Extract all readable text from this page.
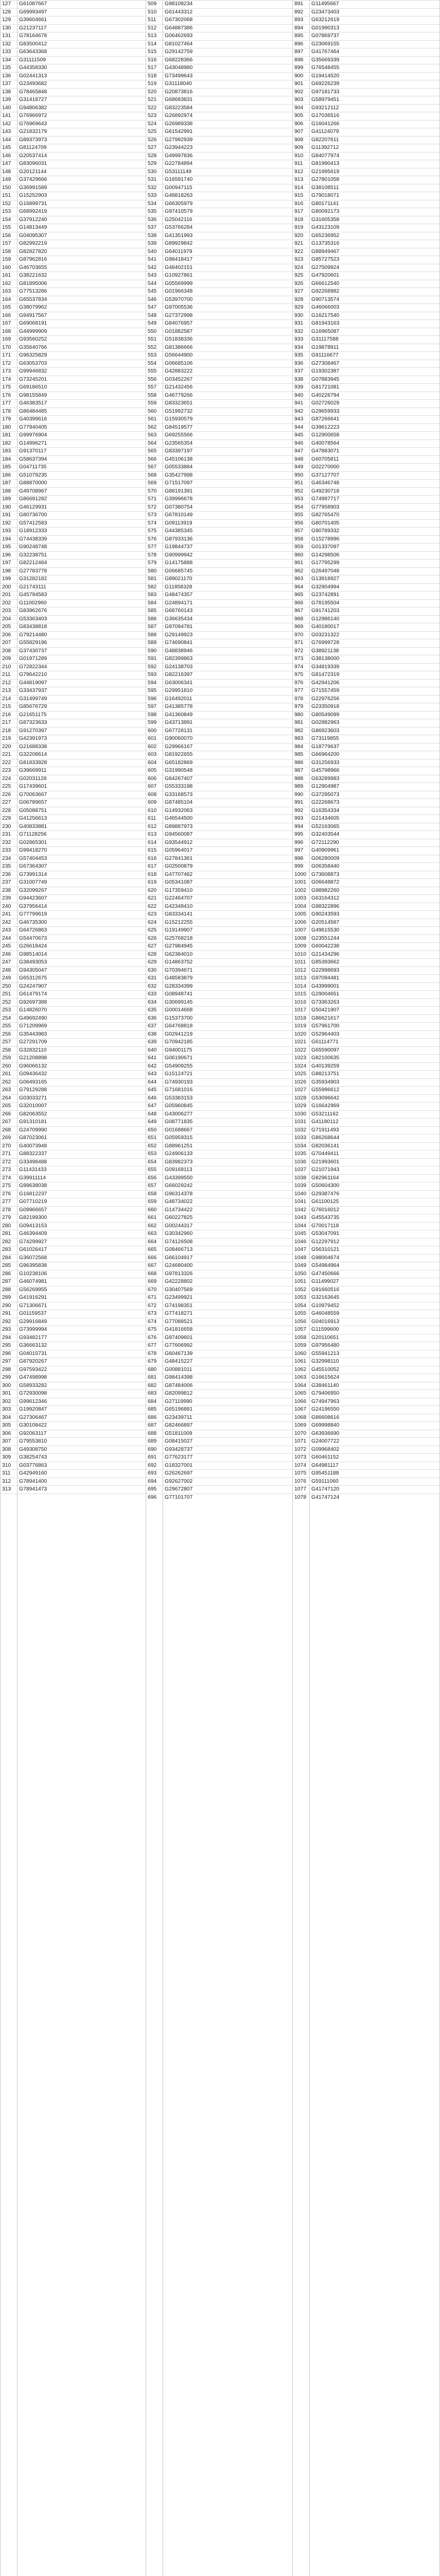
127 G61087667	509 G98108234	891 G11495667
128 G69993497	510 G61443312	892 G23473403
129 G39604661	511 G67302068	893 G63212619
130 G21237117	512 G64887386	894 G01990313
131 G78164678	513 G06462693	895 G07869737
132 G83500412	514 G81027464	896 G23069155
133 G63643368	515 G29142759	897 G41767464
134 G31111509	516 G68228366	898 G35669339
135 G44358330	517 G43048980	899 G76548455
136 G02441313	518 G73499643	900 G19414520
137 G23493682	519 G31118040	901 G69226239
138 G78465848	520 G20873816	902 G97181733
139 G31418727	521 G68683831	903 G58979451
140 G94806382	522 G83223584	904 G93212112
141 G76966972	523 G26892974	905 G17036516
142 G76969643	524 G26989338	906 G16041266
143 G21832179	525 G61542991	907 G41124079
144 G89373973	526 G27992939	908 G82207611
145 G81124709	527 G23944223	909 G11392712
146 G20537414	528 G49997836	910 G84077974
147 G83096031	529 G22784894	911 G81990413
148 G20121144	530 G53111149	912 G21995619
149 G37429666	531 G16591740	913 G27801058
150 G36991589	532 G00947115	914 G38108511
151 G15252903	533 G48818263	915 G79018071
152 G16899731	534 G66305979	916 G80171141
153 G68992419	535 G97410579	917 G80092173
154 G37912240	536 G25042116	918 G31605358
155 G14813449	537 G53766284	919 G43123109
156 G04095307	538 G41351993	920 G65236952
157 G82992219	539 G89929842	921 G13735316
158 G82827820	540 G64011979	922 G88949467
159 G87962816	541 G98418417	923 G85727523
160 G46703655	542 G48402151	924 G27509924
161 G38221632	543 G10927861	925 G47920601
162 G81895006	544 G05569999	926 G66612540
163 G77513286	545 G01966348	927 G92268982
164 G65537834	546 G53970700	928 G90713574
165 G38079962	547 G97005536	929 G46066003
166 G94917567	548 G27372998	930 G16217540
167 G69068191	549 G84076957	931 G81943163
168 G44999909	550 G01882587	932 G16965087
169 G93560252	551 G51838336	933 G31117588
170 G35640766	552 G81386666	934 G19878911
171 G96325829	553 G56644900	935 G91116677
172 G63053703	554 G06685106	936 G27308467
173 G99946832	555 G42883222	937 G19302387
174 G73245201	556 G03452267	938 G07883945
175 G69186510	557 G21432456	939 G81721081
176 G98155849	558 G46779266	940 G40226794
177 G46383517	559 G83323651	941 G02726029
178 G86484485	560 G51992732	942 G29659933
179 G40399616	561 G15930579	943 G87266641
180 G77940405	562 G84519577	944 G39612223
181 G99976904	563 G69255566	945 G12900658
182 G14996271	564 G23565354	946 G40078564
183 G91370117	565 G83397197	947 G47883071
184 G58637394	566 G45106138	948 G60705811
185 G04711735	567 G05533884	949 G02270000
186 G51079235	568 G35427998	950 G37127707
187 G88870000	569 G71517097	951 G46346748
188 G49708967	570 G88191391	952 G49230718
189 G86691282	571 G39996678	953 G74997717
190 G46129931	572 G07380754	954 G77958903
191 G80736700	573 G67810149	955 G82765470
192 G57412583	574 G09113919	956 G80701405
193 G18912333	575 G44385345	957 G90789332
194 G74438339	576 G87933136	958 G15278996
195 G90248748	577 G19844737	959 G01337097
196 G32238751	578 G90999942	960 G14298506
197 G82212464	579 G14175888	961 G17795299
198 G27783778	580 G06685745	962 G26497048
199 G31282182	581 G89021170	963 G13918927
200 G21743111	582 G11858328	964 G32904994
201 G45794583	583 G48474357	965 G23742891
202 G11002960	584 G24894171	966 G78195504
203 G83962676	585 G68760143	967 G91741203
204 G53363403	586 G36635434	968 G12986140
205 G83438818	587 G97094781	969 G40180017
206 G79214480	588 G29149923	970 G03231322
207 G55829196	589 G74690841	971 G76999728
208 G37430737	590 G48838946	972 G38921138
209 G01971289	591 G82399863	973 G38138000
210 G72822344	592 G24138703	974 G34819339
211 G79642210	593 G82216397	975 G81472319
212 G44819097	594 G63006341	976 G42941206
213 G33437937	595 G29951810	977 G71557459
214 G31499749	596 G16492011	978 G22976256
215 G85676729	597 G41385778	979 G23350918
216 G21651175	598 G41360849	980 G80549099
217 G87323633	599 G43713891	981 G02882963
218 G91270397	600 G67728131	982 G86923603
219 G42391973	601 G90060070	983 G73119855
220 G21688338	602 G29966167	984 G18779637
221 G32208614	603 G81922655	985 G66964200
222 G81833928	604 G65182869	986 G31256933
223 G39669911	605 G31990548	987 G45798966
224 G02031128	606 G64267407	988 G63289983
225 G17439601	607 G55333198	989 G12904987
226 G70063667	608 G33168573	990 G37295073
227 G06789657	609 G87485104	991 G22268673
228 G05088751	610 G14932063	992 G16354334
229 G41256613	611 G46544500	993 G21434605
230 G40833881	612 G89887973	994 G52163065
231 G71128256	613 G94560087	995 G32403544
232 G02865301	614 G93544912	996 G72112290
233 G99418270	615 G05964017	997 G40909961
234 G57404453	616 G27841361	998 G06280009
235 G67364307	617 G02500879	999 G06358440
236 G73991314	618 G47707462	1000 G73608873
237 G31007749	619 G05341087	1001 G06648872
238 G32099267	620 G17359410	1002 G98982260
239 G94423607	621 G22464707	1003 G63164312
240 G37956414	622 G42348410	1004 G98322896
241 G77799619	623 G83334141	1005 G90243593
242 G46735300	624 G15212255	1006 G20514587
243 G64726863	625 G19149907	1007 G49615530
244 G54470673	626 G25768218	1008 G23551244
245 G26618424	627 G27984945	1009 G60042238
246 G98514014	628 G62384010	1010 G21434296
247 G38493053	629 G14863752	1011 G85393662
248 G94305047	630 G70394671	1012 G22998693
249 G65312675	631 G48583879	1013 G97094481
250 G24247907	632 G28334399	1014 G43999001
251 G61479174	633 G08948741	1015 G29004651
252 G92697388	634 G30699145	1016 G73363263
253 G14826070	635 G00014668	1017 G50421907
254 G49692490	636 G15373700	1018 G86621617
255 G71209969	637 G64768818	1019 G57961700
256 G35443983	638 G02941219	1020 G52964403
257 G27291709	639 G70942185	1021 G61114771
258 G32832110	640 G94001175	1022 G65590097
259 G21208898	641 G06190671	1023 G82100635
260 G96066132	642 G54909255	1024 G40139259
261 G09436432	643 G15124721	1025 G88213751
262 G06493165	644 G74930193	1026 G35934903
263 G79129288	645 G71681016	1027 G55996612
264 G03033271	646 G53383153	1028 G53096642
265 G32010007	647 G05960845	1029 G16642969
266 G82063552	648 G43006277	1030 G53211162
267 G91310181	649 G08771835	1031 G41180112
268 G24709990	650 G01688667	1032 G71911493
269 G87023061	651 G05959315	1033 G86268644
270 G40073948	652 G88961251	1034 G82036141
271 G88322337	653 G24906133	1035 G70449411
272 G33498488	654 G83982373	1036 G21993601
273 G11431433	655 G09168113	1037 G21071943
274 G39911114	656 G43399550	1038 G82961164
275 G99638038	657 G66029242	1039 G50604300
276 G16812237	658 G96314378	1040 G29387476
277 G07710219	659 G48734022	1041 G61100125
278 G09966657	660 G14734422	1042 G76016012
279 G82199300	661 G60227825	1043 G45543735
280 G09413153	662 G00244317	1044 G70017118
281 G46394409	663 G30342960	1045 G53047091
282 G74299927	664 G74126508	1046 G12297912
283 G61026417	665 G08466713	1047 G56310121
284 G36072568	666 G66104917	1048 G98004674
285 G96395838	667 G24680400	1049 G54984964
286 G10238106	668 G97813326	1050 G47450666
287 G46074981	669 G42228802	1051 G11499027
288 G56269955	670 G30407569	1052 G91660516
289 G41916291	671 G23499921	1053 G32163645
290 G71306671	672 G74198351	1054 G10979452
291 G01159537	673 G77418271	1055 G46048559
292 G29916849	674 G77088521	1056 G04016913
293 G73999994	675 G41816658	1057 G11599600
294 G93482177	676 G97409601	1058 G20110651
295 G36663132	677 G77606992	1059 G97956480
296 G04015731	678 G60467139	1060 G55941213
297 G87920267	679 G48415227	1061 G32998110
298 G97593422	680 G00881011	1062 G45510052
299 G47498998	681 G98414398	1063 G16615624
300 G58933282	682 G87484006	1064 G38461140
301 G72930098	683 G82099812	1065 G79406950
302 G99612346	684 G27119990	1066 G74947963
303 G19920847	685 G65196881	1067 G24196550
304 G27306467	686 G23439711	1068 G86608616
305 G30108422	687 G82466897	1069 G69998840
306 G92063117	688 G51811009	1070 G63936690
307 G79553810	689 G08415027	1071 G24007722
308 G49308750	690 G93428737	1072 G09968402
309 G38254743	691 G77623177	1073 G60461152
310 G03776863	692 G18327001	1074 G64981117
311 G42949160	693 G26262697	1075 G95451188
312 G78941400	694 G92627002	1076 G59111060
313 G78941473	695 G29672807	1077 G41747120
696 G77101707	1078 G41747124
